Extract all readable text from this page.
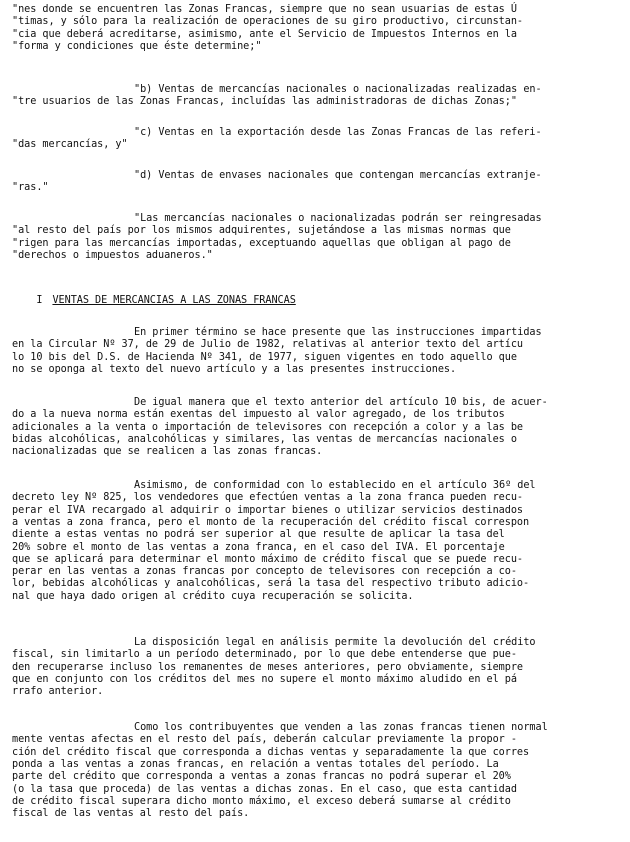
"nes donde se encuentren las Zonas Francas, siempre que no sean usuarias de estas Ú
"timas, y sólo para la realización de operaciones de su giro productivo, circunstan-
"cia que deberá acreditarse, asimismo, ante el Servicio de Impuestos Internos en la
"forma y condiciones que éste determine;"
"b) Ventas de mercancías nacionales o nacionalizadas realizadas en-
"tre usuarios de las Zonas Francas, incluídas las administradoras de dichas Zonas;"
"c) Ventas en la exportación desde las Zonas Francas de las referi-
"das mercancías, y"
"d) Ventas de envases nacionales que contengan mercancías extranje-
"ras."
"Las mercancías nacionales o nacionalizadas podrán ser reingresadas
"al resto del país por los mismos adquirentes, sujetándose a las mismas normas que
"rigen para las mercancías importadas, exceptuando aquellas que obligan al pago de
"derechos o impuestos aduaneros."

I VENTAS DE MERCANCIAS A LAS ZONAS FRANCAS

En primer término se hace presente que las instrucciones impartidas
en la Circular Nº 37, de 29 de Julio de 1982, relativas al anterior texto del artícu
lo 10 bis del D.S. de Hacienda Nº 341, de 1977, siguen vigentes en todo aquello que
no se oponga al texto del nuevo artículo y a las presentes instrucciones.
De igual manera que el texto anterior del artículo 10 bis, de acuer-
do a la nueva norma están exentas del impuesto al valor agregado, de los tributos
adicionales a la venta o importación de televisores con recepción a color y a las be
bidas alcohólicas, analcohólicas y similares, las ventas de mercancías nacionales o
nacionalizadas que se realicen a las zonas francas.
Asimismo, de conformidad con lo establecido en el artículo 36º del
decreto ley Nº 825, los vendedores que efectúen ventas a la zona franca pueden recu-
perar el IVA recargado al adquirir o importar bienes o utilizar servicios destinados
a ventas a zona franca, pero el monto de la recuperación del crédito fiscal correspon
diente a estas ventas no podrá ser superior al que resulte de aplicar la tasa del
20% sobre el monto de las ventas a zona franca, en el caso del IVA. El porcentaje
que se aplicará para determinar el monto máximo de crédito fiscal que se puede recu-
perar en las ventas a zonas francas por concepto de televisores con recepción a co-
lor, bebidas alcohólicas y analcohólicas, será la tasa del respectivo tributo adicio-
nal que haya dado origen al crédito cuya recuperación se solicita.
La disposición legal en análisis permite la devolución del crédito
fiscal, sin limitarlo a un período determinado, por lo que debe entenderse que pue-
den recuperarse incluso los remanentes de meses anteriores, pero obviamente, siempre
que en conjunto con los créditos del mes no supere el monto máximo aludido en el pá
rrafo anterior.
Como los contribuyentes que venden a las zonas francas tienen normal
mente ventas afectas en el resto del país, deberán calcular previamente la propor -
ción del crédito fiscal que corresponda a dichas ventas y separadamente la que corres
ponda a las ventas a zonas francas, en relación a ventas totales del período. La
parte del crédito que corresponda a ventas a zonas francas no podrá superar el 20%
(o la tasa que proceda) de las ventas a dichas zonas. En el caso, que esta cantidad
de crédito fiscal superara dicho monto máximo, el exceso deberá sumarse al crédito
fiscal de las ventas al resto del país.
